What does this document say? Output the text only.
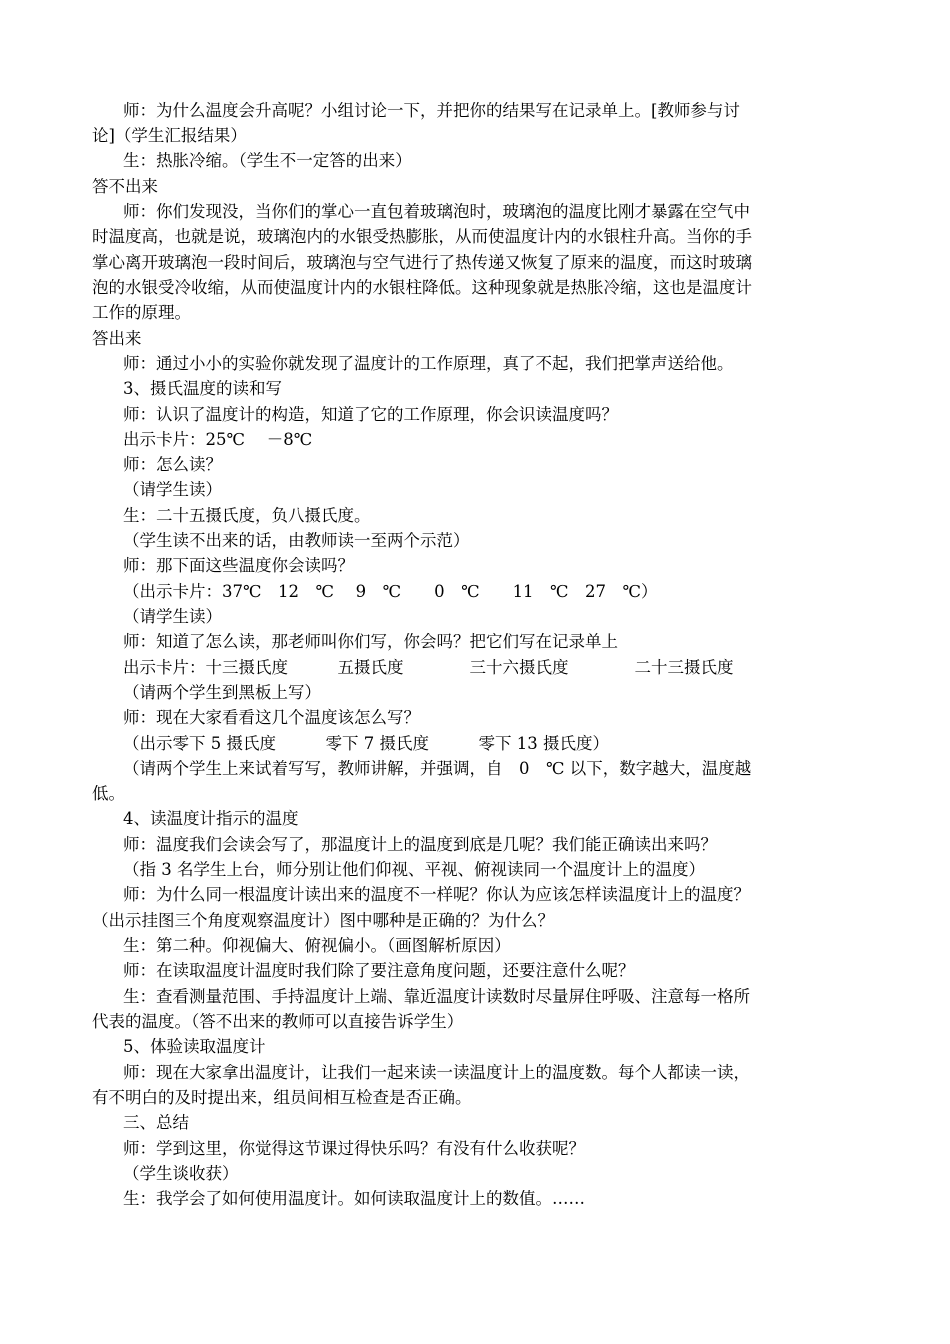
师：为什么温度会升高呢？小组讨论一下，并把你的结果写在记录单上。[教师参与讨

论]（学生汇报结果）

生：热胀冷缩。（学生不一定答的出来）

答不出来

师：你们发现没，当你们的掌心一直包着玻璃泡时，玻璃泡的温度比刚才暴露在空气中

时温度高，也就是说，玻璃泡内的水银受热膨胀，从而使温度计内的水银柱升高。当你的手

掌心离开玻璃泡一段时间后，玻璃泡与空气进行了热传递又恢复了原来的温度，而这时玻璃

泡的水银受冷收缩，从而使温度计内的水银柱降低。这种现象就是热胀冷缩，这也是温度计

工作的原理。

答出来

师：通过小小的实验你就发现了温度计的工作原理，真了不起，我们把掌声送给他。

3、摄氏温度的读和写

师：认识了温度计的构造，知道了它的工作原理，你会识读温度吗？

出示卡片：25℃　 －8℃

师：怎么读？

（请学生读）

生：二十五摄氏度，负八摄氏度。

（学生读不出来的话，由教师读一至两个示范）

师：那下面这些温度你会读吗？

（出示卡片：37℃　12　℃　 9　℃　　0　℃　　11　℃　27　℃）

（请学生读）

师：知道了怎么读，那老师叫你们写，你会吗？把它们写在记录单上

出示卡片：十三摄氏度　　　五摄氏度　　　　三十六摄氏度　　　　二十三摄氏度

（请两个学生到黑板上写）

师：现在大家看看这几个温度该怎么写？

（出示零下 5 摄氏度　　　零下 7 摄氏度　　　零下 13 摄氏度）

（请两个学生上来试着写写，教师讲解，并强调，自　0　℃ 以下，数字越大，温度越

低。

4、读温度计指示的温度

师：温度我们会读会写了，那温度计上的温度到底是几呢？我们能正确读出来吗？

（指 3 名学生上台，师分别让他们仰视、平视、俯视读同一个温度计上的温度）

师：为什么同一根温度计读出来的温度不一样呢？你认为应该怎样读温度计上的温度？

（出示挂图三个角度观察温度计）图中哪种是正确的？为什么？

生：第二种。仰视偏大、俯视偏小。（画图解析原因）

师：在读取温度计温度时我们除了要注意角度问题，还要注意什么呢？

生：查看测量范围、手持温度计上端、靠近温度计读数时尽量屏住呼吸、注意每一格所

代表的温度。（答不出来的教师可以直接告诉学生）

5、体验读取温度计

师：现在大家拿出温度计，让我们一起来读一读温度计上的温度数。每个人都读一读，

有不明白的及时提出来，组员间相互检查是否正确。

三、总结

师：学到这里，你觉得这节课过得快乐吗？有没有什么收获呢？

（学生谈收获）

生：我学会了如何使用温度计。如何读取温度计上的数值。……
